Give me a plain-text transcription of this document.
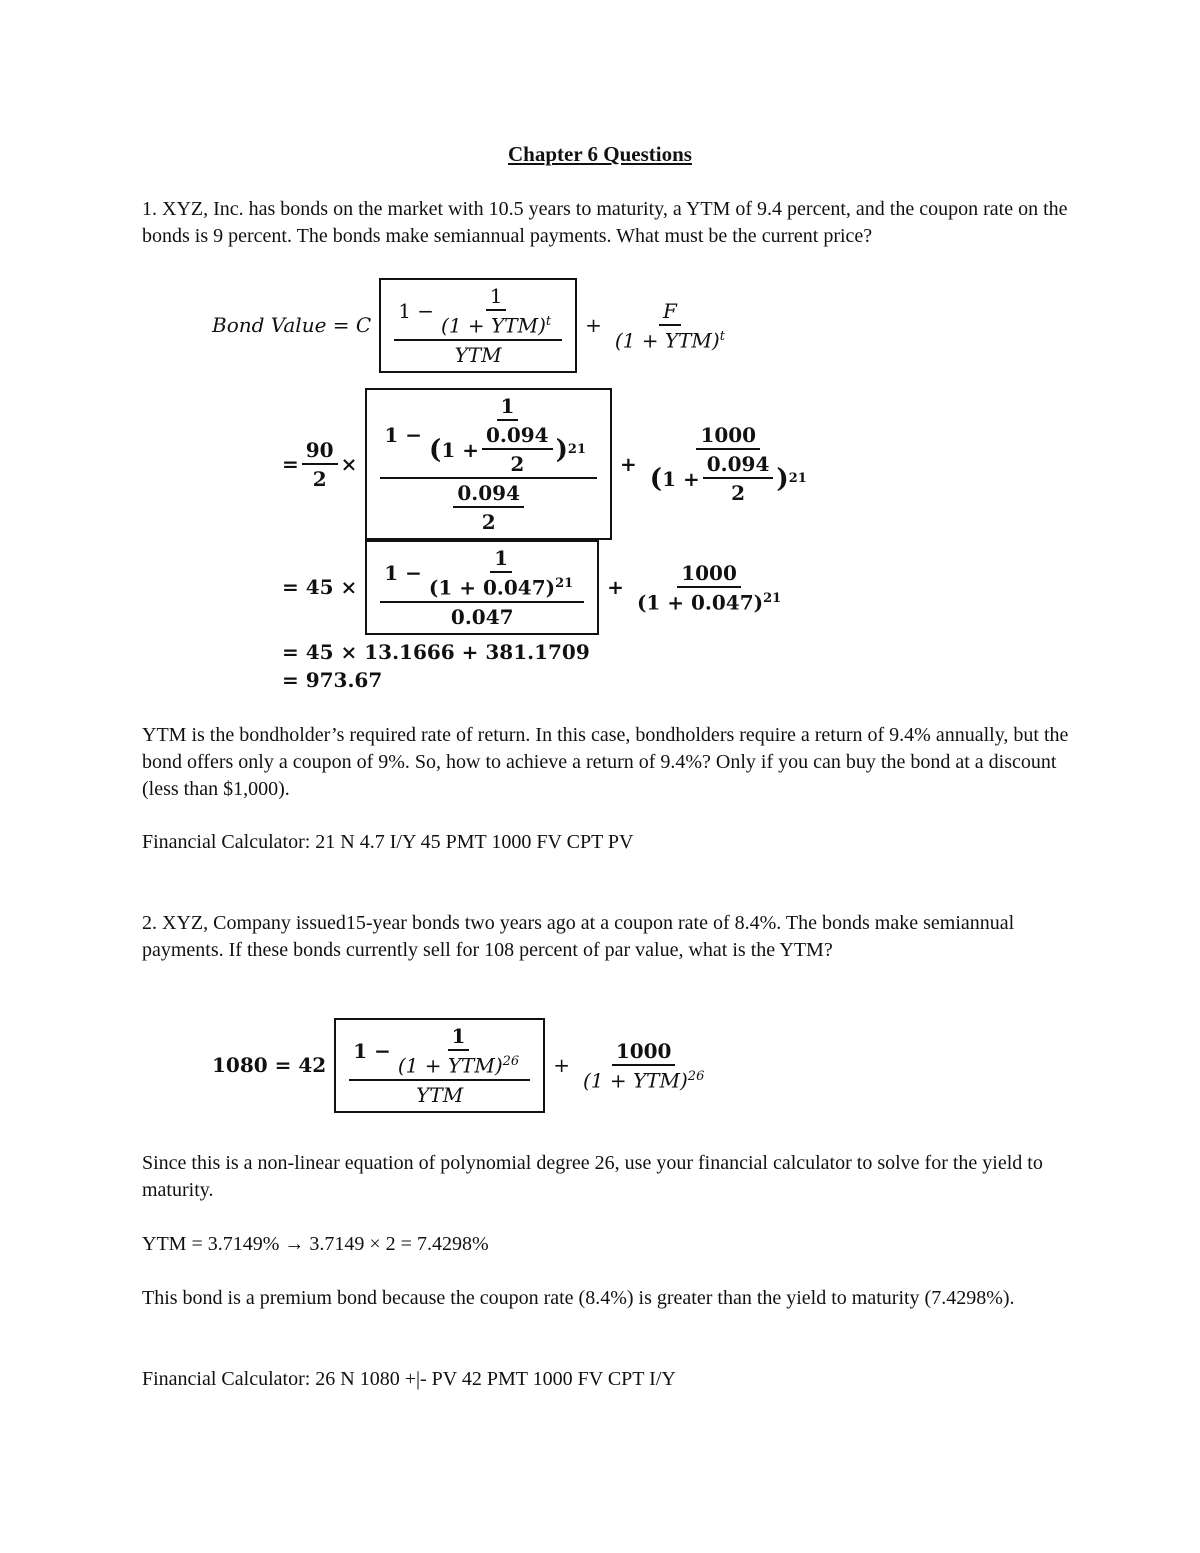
Chapter 6 Questions

1. XYZ, Inc. has bonds on the market with 10.5 years to maturity, a YTM of 9.4 percent, and the coupon rate on the bonds is 9 percent. The bonds make semiannual payments. What must be the current price?

Bond Value = C $\frac{1 - \frac{1}{(1 + YTM)^t}}{\text{YTM}} + \frac{F}{(1 + YTM)^t}$
= $\frac{90}{2}$ ×
$1 - \frac{1}{( 1 + \frac{0.094}{2} ) 21}$
$\frac{0.094}{2}$
+ $\frac{1000}{( 1 + \frac{0.094}{2} ) 21}$
= $45 \times \frac{1 - \frac{1}{(1 + 0.047)^{21}}}{0.047} + \frac{1000}{(1 + 0.047)^{21}}$
= 45 × 13.1666 + 381.1709
= 973.67

YTM is the bondholder’s required rate of return. In this case, bondholders require a return of 9.4% annually, but the bond offers only a coupon of 9%. So, how to achieve a return of 9.4%? Only if you can buy the bond at a discount (less than $1,000).

Financial Calculator: 21 N 4.7 I/Y 45 PMT 1000 FV CPT PV

2. XYZ, Company issued15-year bonds two years ago at a coupon rate of 8.4%. The bonds make semiannual payments. If these bonds currently sell for 108 percent of par value, what is the YTM?

$1080 = 42 \frac{1 - \frac{1}{(1 + YTM)^{26}}}{\text{YTM}} + \frac{1000}{(1 + YTM)^{26}}$

Since this is a non-linear equation of polynomial degree 26, use your financial calculator to solve for the yield to maturity.

YTM = 3.7149% → 3.7149 × 2 = 7.4298%

This bond is a premium bond because the coupon rate (8.4%) is greater than the yield to maturity (7.4298%).

Financial Calculator: 26 N 1080 +|- PV 42 PMT 1000 FV CPT I/Y
